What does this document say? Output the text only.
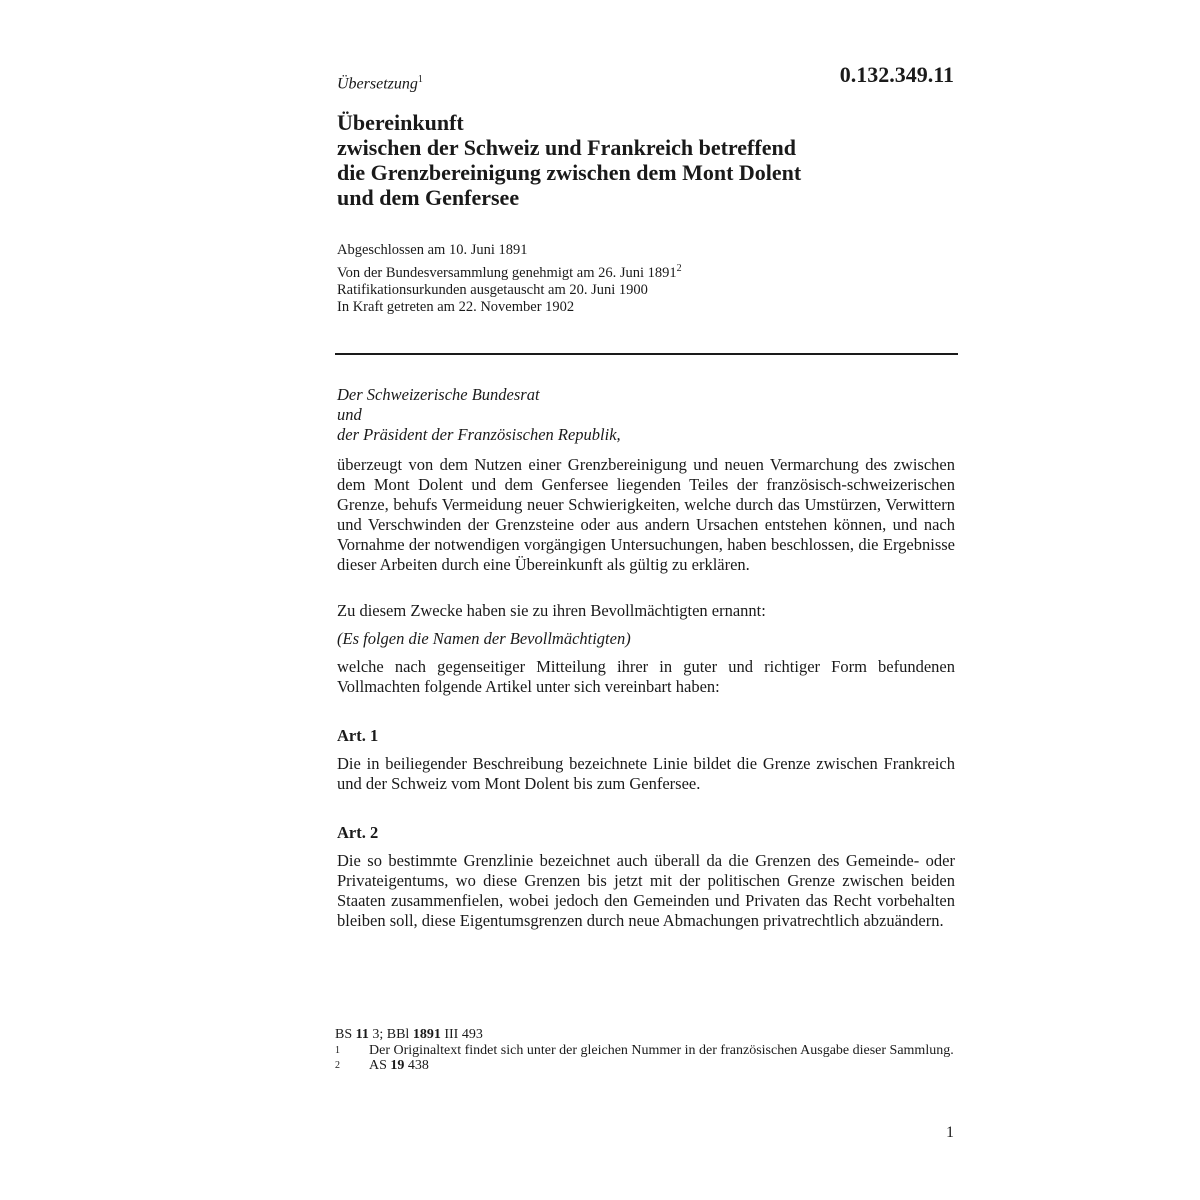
Übersetzung$^1$	0.132.349.11
Übereinkunft
zwischen der Schweiz und Frankreich betreffend
die Grenzbereinigung zwischen dem Mont Dolent
und dem Genfersee
Abgeschlossen am 10. Juni 1891
Von der Bundesversammlung genehmigt am 26. Juni 1891$^2$
Ratifikationsurkunden ausgetauscht am 20. Juni 1900
In Kraft getreten am 22. November 1902
Der Schweizerische Bundesrat
und
der Präsident der Französischen Republik,
überzeugt von dem Nutzen einer Grenzbereinigung und neuen Vermarchung des zwischen dem Mont Dolent und dem Genfersee liegenden Teiles der französisch-schweizerischen Grenze, behufs Vermeidung neuer Schwierigkeiten, welche durch das Umstürzen, Verwittern und Verschwinden der Grenzsteine oder aus andern Ursachen entstehen können, und nach Vornahme der notwendigen vorgängigen Untersuchungen, haben beschlossen, die Ergebnisse dieser Arbeiten durch eine Übereinkunft als gültig zu erklären.
Zu diesem Zwecke haben sie zu ihren Bevollmächtigten ernannt:
(Es folgen die Namen der Bevollmächtigten)
welche nach gegenseitiger Mitteilung ihrer in guter und richtiger Form befundenen Vollmachten folgende Artikel unter sich vereinbart haben:
Art. 1
Die in beiliegender Beschreibung bezeichnete Linie bildet die Grenze zwischen Frankreich und der Schweiz vom Mont Dolent bis zum Genfersee.
Art. 2
Die so bestimmte Grenzlinie bezeichnet auch überall da die Grenzen des Gemeinde- oder Privateigentums, wo diese Grenzen bis jetzt mit der politischen Grenze zwischen beiden Staaten zusammenfielen, wobei jedoch den Gemeinden und Privaten das Recht vorbehalten bleiben soll, diese Eigentumsgrenzen durch neue Abmachungen privatrechtlich abzuändern.
BS 11 3; BBl 1891 III 493
1	Der Originaltext findet sich unter der gleichen Nummer in der französischen Ausgabe dieser Sammlung.
2	AS 19 438
1
